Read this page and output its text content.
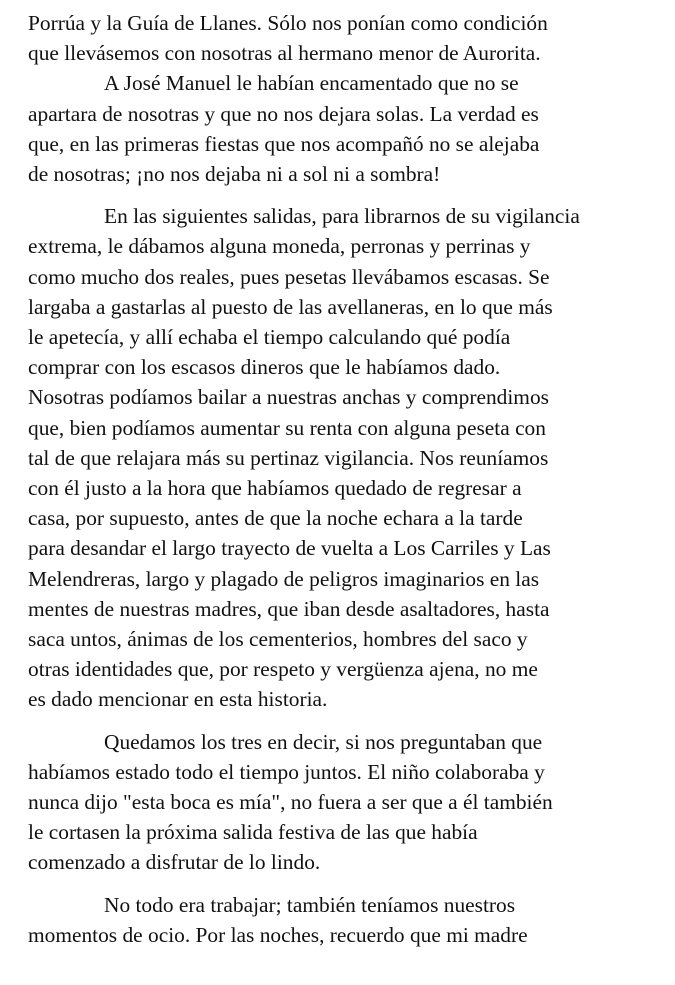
Porrúa y la Guía de Llanes. Sólo nos ponían como condición
que llevásemos con nosotras al hermano menor de Aurorita.

A José Manuel le habían encamentado que no se
apartara de nosotras y que no nos dejara solas. La verdad es
que, en las primeras fiestas que nos acompañó no se alejaba
de nosotras; ¡no nos dejaba ni a sol ni a sombra!

En las siguientes salidas, para librarnos de su vigilancia
extrema, le dábamos alguna moneda, perronas y perrinas y
como mucho dos reales, pues pesetas llevábamos escasas. Se
largaba a gastarlas al puesto de las avellaneras, en lo que más
le apetecía, y allí echaba el tiempo calculando qué podía
comprar con los escasos dineros que le habíamos dado.
Nosotras podíamos bailar a nuestras anchas y comprendimos
que, bien podíamos aumentar su renta con alguna peseta con
tal de que relajara más su pertinaz vigilancia. Nos reuníamos
con él justo a la hora que habíamos quedado de regresar a
casa, por supuesto, antes de que la noche echara a la tarde
para desandar el largo trayecto de vuelta a Los Carriles y Las
Melendreras, largo y plagado de peligros imaginarios en las
mentes de nuestras madres, que iban desde asaltadores, hasta
saca untos, ánimas de los cementerios, hombres del saco y
otras identidades que, por respeto y vergüenza ajena, no me
es dado mencionar en esta historia.

Quedamos los tres en decir, si nos preguntaban que
habíamos estado todo el tiempo juntos. El niño colaboraba y
nunca dijo "esta boca es mía", no fuera a ser que a él también
le cortasen la próxima salida festiva de las que había
comenzado a disfrutar de lo lindo.

No todo era trabajar; también teníamos nuestros
momentos de ocio. Por las noches, recuerdo que mi madre
